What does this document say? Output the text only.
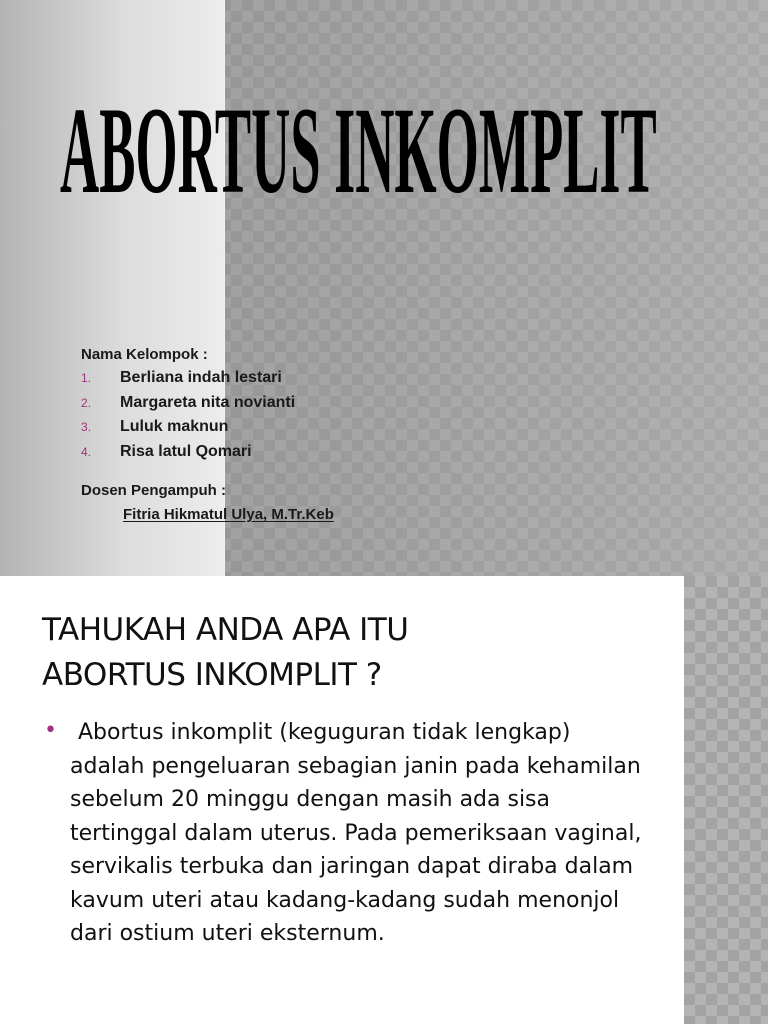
ABORTUS INKOMPLIT

Nama Kelompok :

1. Berliana indah lestari
2. Margareta nita novianti
3. Luluk maknun
4. Risa latul Qomari
Dosen Pengampuh :
Fitria Hikmatul Ulya, M.Tr.Keb
TAHUKAH ANDA APA ITU
ABORTUS INKOMPLIT ?
• Abortus inkomplit (keguguran tidak lengkap) adalah pengeluaran sebagian janin pada kehamilan sebelum 20 minggu dengan masih ada sisa tertinggal dalam uterus. Pada pemeriksaan vaginal, servikalis terbuka dan jaringan dapat diraba dalam kavum uteri atau kadang-kadang sudah menonjol dari ostium uteri eksternum.
